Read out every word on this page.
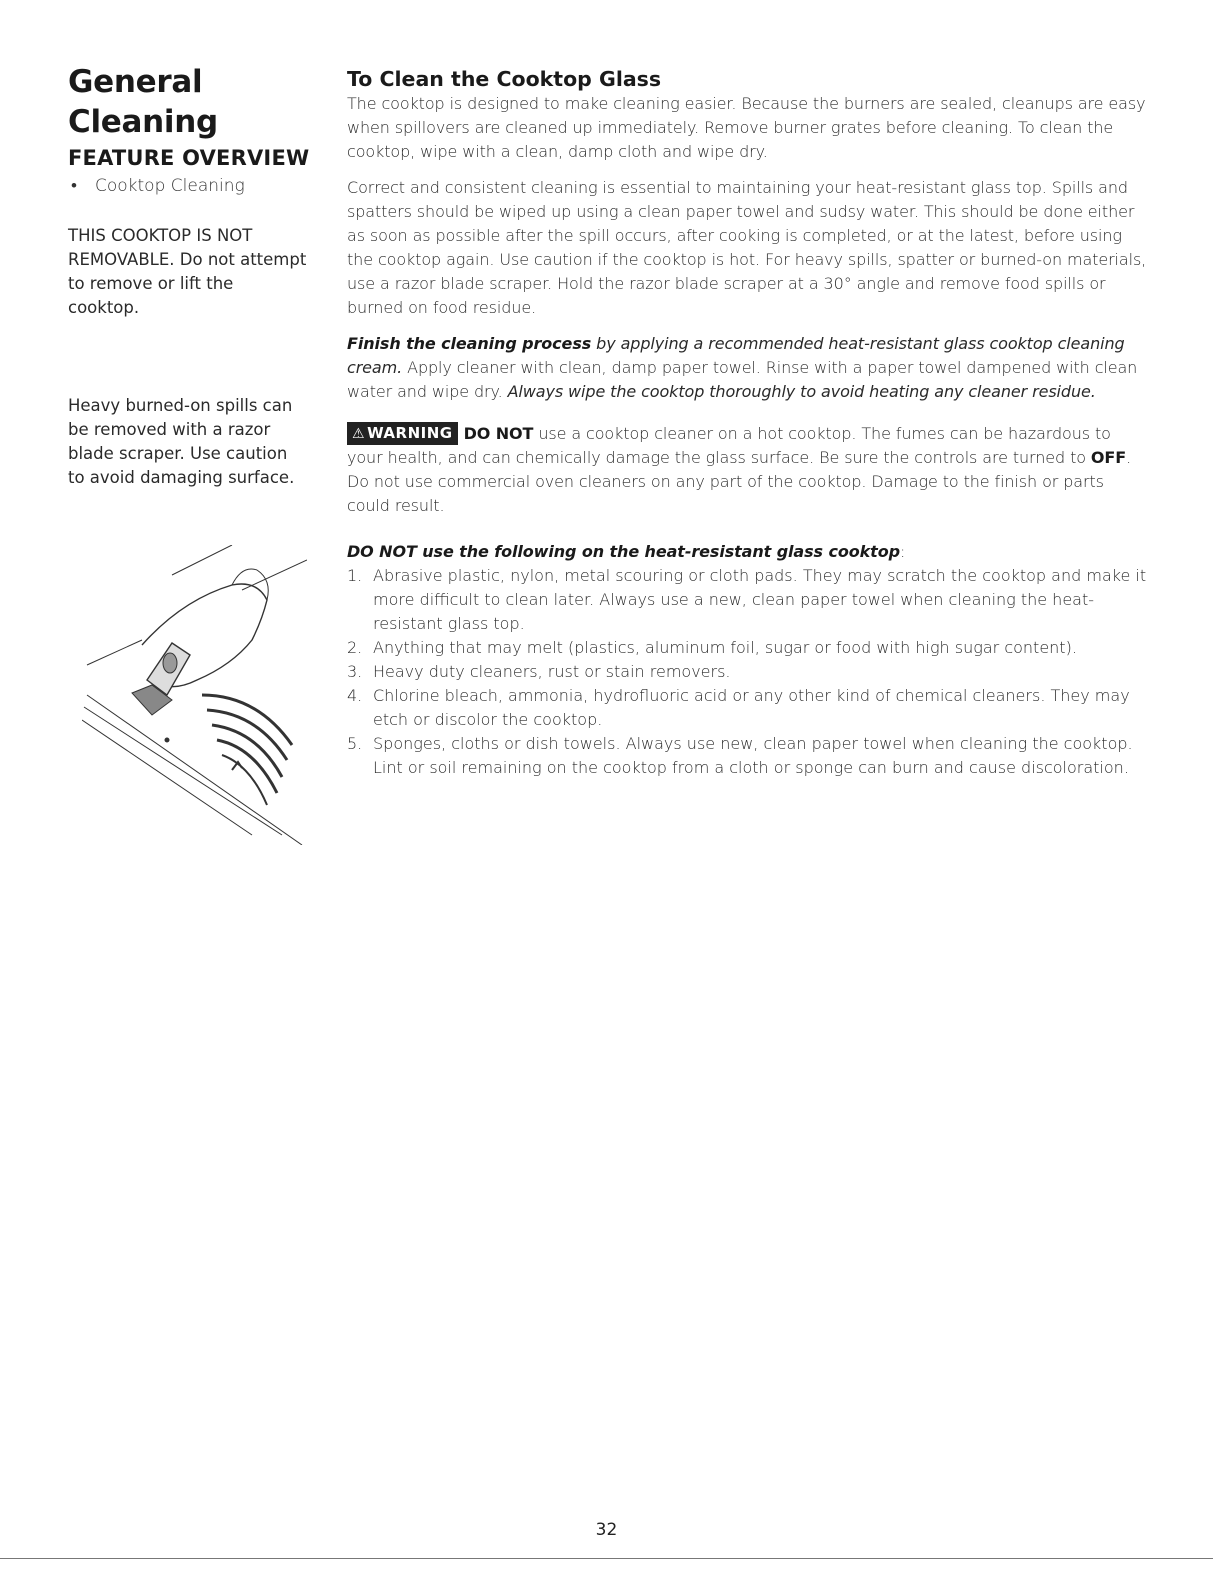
General
Cleaning
FEATURE OVERVIEW
• Cooktop Cleaning

THIS COOKTOP IS NOT REMOVABLE. Do not attempt to remove or lift the cooktop.

Heavy burned-on spills can be removed with a razor blade scraper. Use caution to avoid damaging surface.

To Clean the Cooktop Glass

The cooktop is designed to make cleaning easier. Because the burners are sealed, cleanups are easy when spillovers are cleaned up immediately. Remove burner grates before cleaning. To clean the cooktop, wipe with a clean, damp cloth and wipe dry.

Correct and consistent cleaning is essential to maintaining your heat-resistant glass top. Spills and spatters should be wiped up using a clean paper towel and sudsy water. This should be done either as soon as possible after the spill occurs, after cooking is completed, or at the latest, before using the cooktop again. Use caution if the cooktop is hot. For heavy spills, spatter or burned-on materials, use a razor blade scraper. Hold the razor blade scraper at a 30° angle and remove food spills or burned on food residue.

Finish the cleaning process by applying a recommended heat-resistant glass cooktop cleaning cream. Apply cleaner with clean, damp paper towel. Rinse with a paper towel dampened with clean water and wipe dry. Always wipe the cooktop thoroughly to avoid heating any cleaner residue.

⚠ WARNING DO NOT use a cooktop cleaner on a hot cooktop. The fumes can be hazardous to your health, and can chemically damage the glass surface. Be sure the controls are turned to OFF. Do not use commercial oven cleaners on any part of the cooktop. Damage to the finish or parts could result.

DO NOT use the following on the heat-resistant glass cooktop:

1. Abrasive plastic, nylon, metal scouring or cloth pads. They may scratch the cooktop and make it more difficult to clean later. Always use a new, clean paper towel when cleaning the heat-resistant glass top.
2. Anything that may melt (plastics, aluminum foil, sugar or food with high sugar content).
3. Heavy duty cleaners, rust or stain removers.
4. Chlorine bleach, ammonia, hydrofluoric acid or any other kind of chemical cleaners. They may etch or discolor the cooktop.
5. Sponges, cloths or dish towels. Always use new, clean paper towel when cleaning the cooktop. Lint or soil remaining on the cooktop from a cloth or sponge can burn and cause discoloration.
32
